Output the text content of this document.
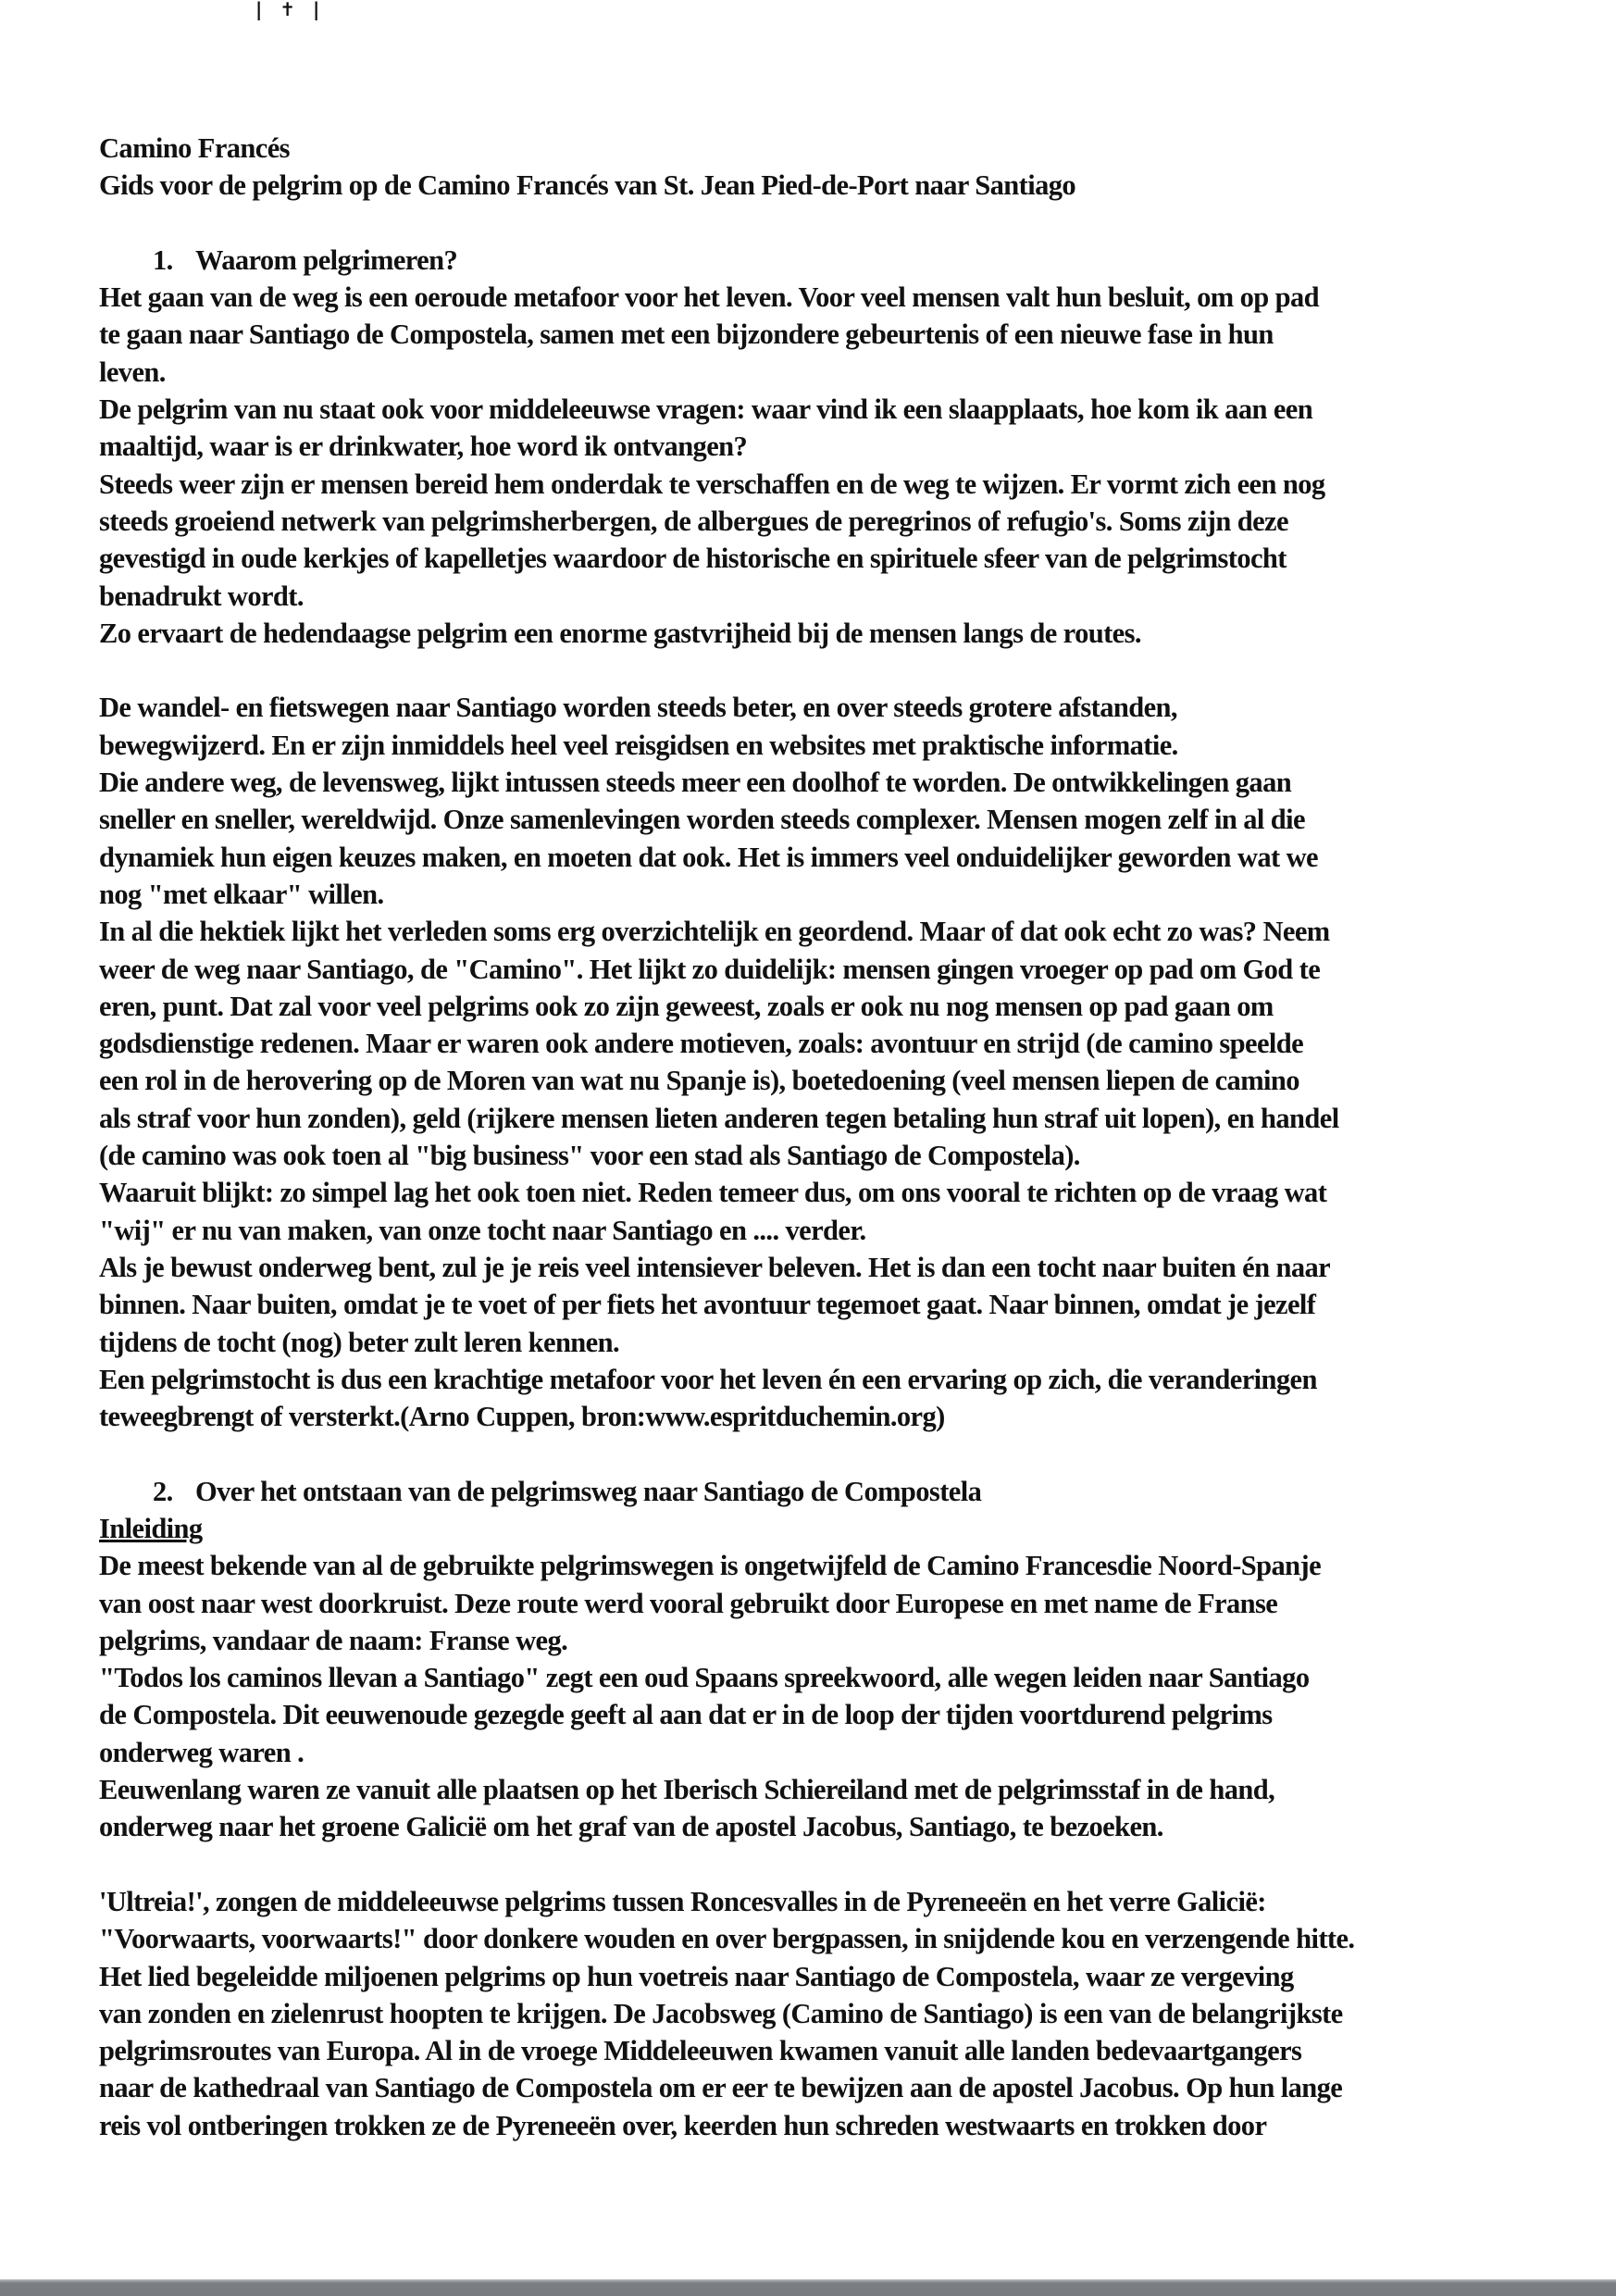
| ✝ |
Camino Francés
Gids voor de pelgrim op de Camino Francés van St. Jean Pied-de-Port naar Santiago
1. Waarom pelgrimeren?
Het gaan van de weg is een oeroude metafoor voor het leven. Voor veel mensen valt hun besluit, om op pad
te gaan naar Santiago de Compostela, samen met een bijzondere gebeurtenis of een nieuwe fase in hun
leven.
De pelgrim van nu staat ook voor middeleeuwse vragen: waar vind ik een slaapplaats, hoe kom ik aan een
maaltijd, waar is er drinkwater, hoe word ik ontvangen?
Steeds weer zijn er mensen bereid hem onderdak te verschaffen en de weg te wijzen. Er vormt zich een nog
steeds groeiend netwerk van pelgrimsherbergen, de albergues de peregrinos of refugio's. Soms zijn deze
gevestigd in oude kerkjes of kapelletjes waardoor de historische en spirituele sfeer van de pelgrimstocht
benadrukt wordt.
Zo ervaart de hedendaagse pelgrim een enorme gastvrijheid bij de mensen langs de routes.
De wandel- en fietswegen naar Santiago worden steeds beter, en over steeds grotere afstanden,
bewegwijzerd. En er zijn inmiddels heel veel reisgidsen en websites met praktische informatie.
Die andere weg, de levensweg, lijkt intussen steeds meer een doolhof te worden. De ontwikkelingen gaan
sneller en sneller, wereldwijd. Onze samenlevingen worden steeds complexer. Mensen mogen zelf in al die
dynamiek hun eigen keuzes maken, en moeten dat ook. Het is immers veel onduidelijker geworden wat we
nog "met elkaar" willen.
In al die hektiek lijkt het verleden soms erg overzichtelijk en geordend. Maar of dat ook echt zo was? Neem
weer de weg naar Santiago, de "Camino". Het lijkt zo duidelijk: mensen gingen vroeger op pad om God te
eren, punt. Dat zal voor veel pelgrims ook zo zijn geweest, zoals er ook nu nog mensen op pad gaan om
godsdienstige redenen. Maar er waren ook andere motieven, zoals: avontuur en strijd (de camino speelde
een rol in de herovering op de Moren van wat nu Spanje is), boetedoening (veel mensen liepen de camino
als straf voor hun zonden), geld (rijkere mensen lieten anderen tegen betaling hun straf uit lopen), en handel
(de camino was ook toen al "big business" voor een stad als Santiago de Compostela).
Waaruit blijkt: zo simpel lag het ook toen niet. Reden temeer dus, om ons vooral te richten op de vraag wat
"wij" er nu van maken, van onze tocht naar Santiago en .... verder.
Als je bewust onderweg bent, zul je je reis veel intensiever beleven. Het is dan een tocht naar buiten én naar
binnen. Naar buiten, omdat je te voet of per fiets het avontuur tegemoet gaat. Naar binnen, omdat je jezelf
tijdens de tocht (nog) beter zult leren kennen.
Een pelgrimstocht is dus een krachtige metafoor voor het leven én een ervaring op zich, die veranderingen
teweegbrengt of versterkt.(Arno Cuppen, bron:www.espritduchemin.org)
2. Over het ontstaan van de pelgrimsweg naar Santiago de Compostela
Inleiding
De meest bekende van al de gebruikte pelgrimswegen is ongetwijfeld de Camino Francesdie Noord-Spanje
van oost naar west doorkruist. Deze route werd vooral gebruikt door Europese en met name de Franse
pelgrims, vandaar de naam: Franse weg.
"Todos los caminos llevan a Santiago" zegt een oud Spaans spreekwoord, alle wegen leiden naar Santiago
de Compostela. Dit eeuwenoude gezegde geeft al aan dat er in de loop der tijden voortdurend pelgrims
onderweg waren .
Eeuwenlang waren ze vanuit alle plaatsen op het Iberisch Schiereiland met de pelgrimsstaf in de hand,
onderweg naar het groene Galicië om het graf van de apostel Jacobus, Santiago, te bezoeken.
'Ultreia!', zongen de middeleeuwse pelgrims tussen Roncesvalles in de Pyreneeën en het verre Galicië:
"Voorwaarts, voorwaarts!" door donkere wouden en over bergpassen, in snijdende kou en verzengende hitte.
Het lied begeleidde miljoenen pelgrims op hun voetreis naar Santiago de Compostela, waar ze vergeving
van zonden en zielenrust hoopten te krijgen. De Jacobsweg (Camino de Santiago) is een van de belangrijkste
pelgrimsroutes van Europa. Al in de vroege Middeleeuwen kwamen vanuit alle landen bedevaartgangers
naar de kathedraal van Santiago de Compostela om er eer te bewijzen aan de apostel Jacobus. Op hun lange
reis vol ontberingen trokken ze de Pyreneeën over, keerden hun schreden westwaarts en trokken door
